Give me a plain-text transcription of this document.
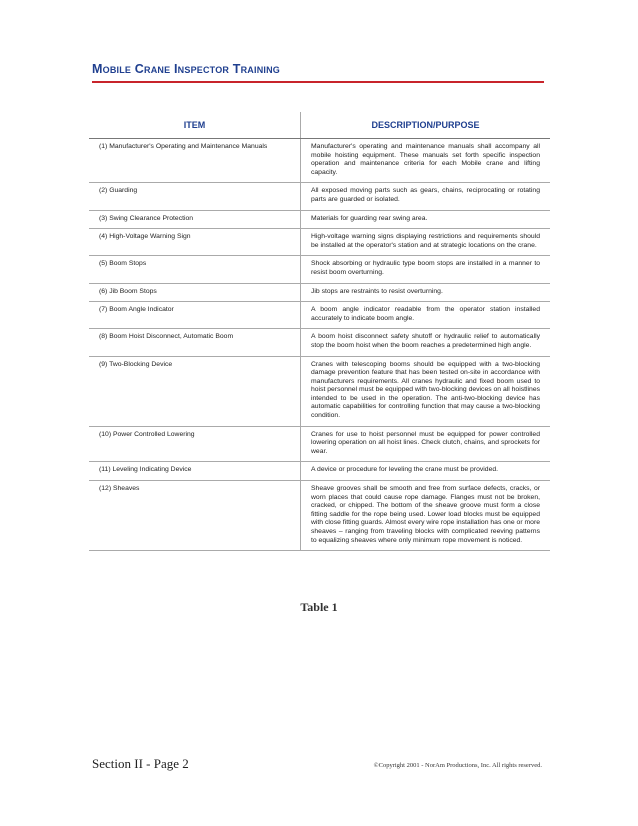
Mobile Crane Inspector Training
ITEM	DESCRIPTION/PURPOSE
(1) Manufacturer's Operating and Maintenance Manuals	Manufacturer's operating and maintenance manuals shall accompany all mobile hoisting equipment. These manuals set forth specific inspection operation and maintenance criteria for each Mobile crane and lifting capacity.
(2) Guarding	All exposed moving parts such as gears, chains, reciprocating or rotating parts are guarded or isolated.
(3) Swing Clearance Protection	Materials for guarding rear swing area.
(4) High-Voltage Warning Sign	High-voltage warning signs displaying restrictions and requirements should be installed at the operator's station and at strategic locations on the crane.
(5) Boom Stops	Shock absorbing or hydraulic type boom stops are installed in a manner to resist boom overturning.
(6) Jib Boom Stops	Jib stops are restraints to resist overturning.
(7) Boom Angle Indicator	A boom angle indicator readable from the operator station installed accurately to indicate boom angle.
(8) Boom Hoist Disconnect, Automatic Boom	A boom hoist disconnect safety shutoff or hydraulic relief to automatically stop the boom hoist when the boom reaches a predetermined high angle.
(9) Two-Blocking Device	Cranes with telescoping booms should be equipped with a two-blocking damage prevention feature that has been tested on-site in accordance with manufacturers requirements. All cranes hydraulic and fixed boom used to hoist personnel must be equipped with two-blocking devices on all hoistlines intended to be used in the operation. The anti-two-blocking device has automatic capabilities for controlling function that may cause a two-blocking condition.
(10) Power Controlled Lowering	Cranes for use to hoist personnel must be equipped for power controlled lowering operation on all hoist lines. Check clutch, chains, and sprockets for wear.
(11) Leveling Indicating Device	A device or procedure for leveling the crane must be provided.
(12) Sheaves	Sheave grooves shall be smooth and free from surface defects, cracks, or worn places that could cause rope damage. Flanges must not be broken, cracked, or chipped. The bottom of the sheave groove must form a close fitting saddle for the rope being used. Lower load blocks must be equipped with close fitting guards. Almost every wire rope installation has one or more sheaves – ranging from traveling blocks with complicated reeving patterns to equalizing sheaves where only minimum rope movement is noticed.
Table 1
Section II - Page 2	©Copyright 2001 - NorAm Productions, Inc. All rights reserved.
